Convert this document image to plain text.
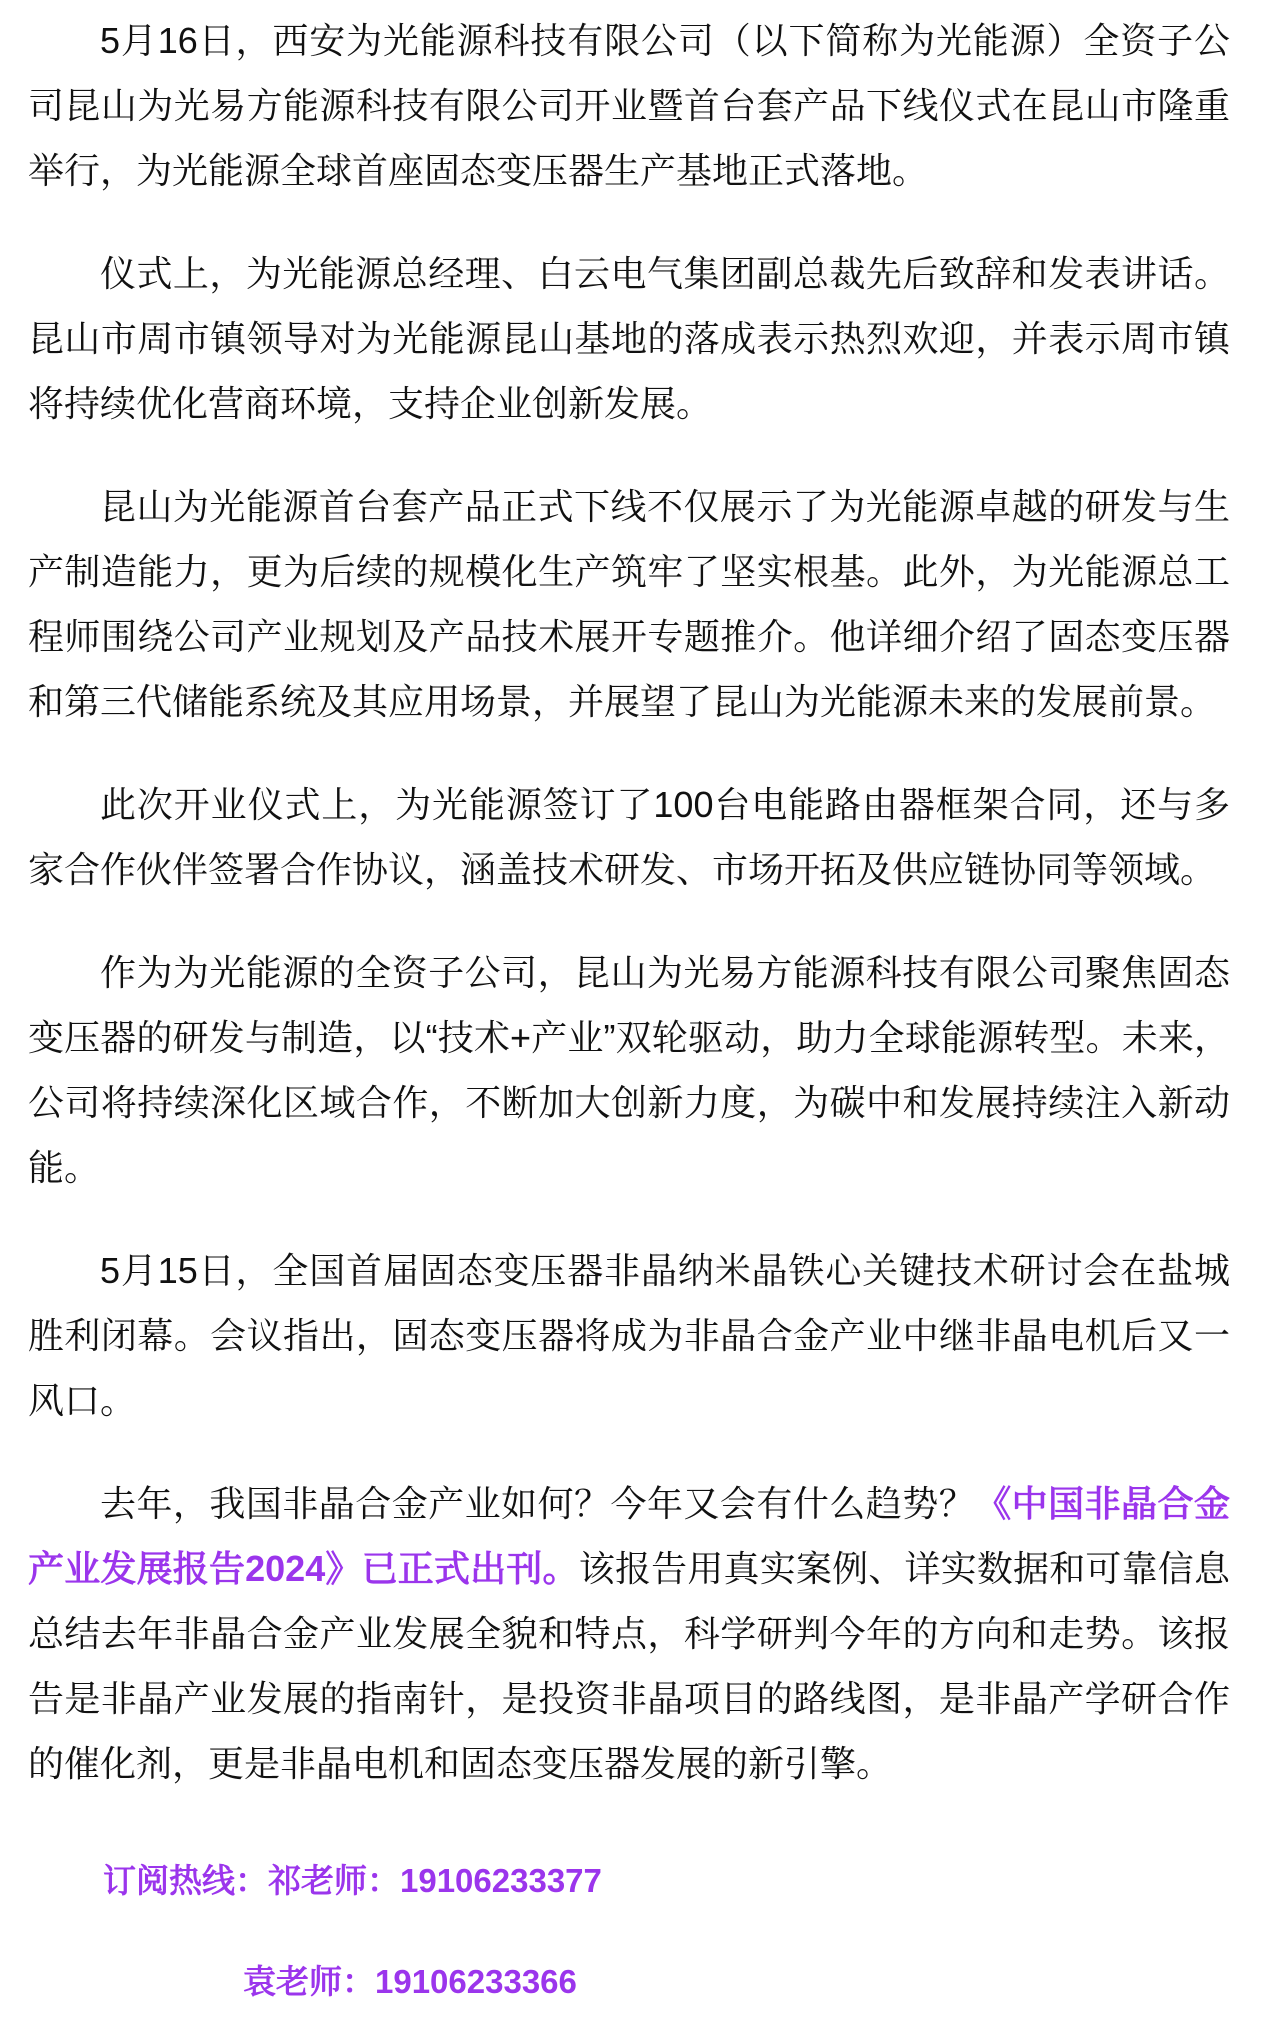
5月16日，西安为光能源科技有限公司（以下简称为光能源）全资子公司昆山为光易方能源科技有限公司开业暨首台套产品下线仪式在昆山市隆重举行，为光能源全球首座固态变压器生产基地正式落地。

仪式上，为光能源总经理、白云电气集团副总裁先后致辞和发表讲话。昆山市周市镇领导对为光能源昆山基地的落成表示热烈欢迎，并表示周市镇将持续优化营商环境，支持企业创新发展。

昆山为光能源首台套产品正式下线不仅展示了为光能源卓越的研发与生产制造能力，更为后续的规模化生产筑牢了坚实根基。此外，为光能源总工程师围绕公司产业规划及产品技术展开专题推介。他详细介绍了固态变压器和第三代储能系统及其应用场景，并展望了昆山为光能源未来的发展前景。

此次开业仪式上，为光能源签订了100台电能路由器框架合同，还与多家合作伙伴签署合作协议，涵盖技术研发、市场开拓及供应链协同等领域。

作为为光能源的全资子公司，昆山为光易方能源科技有限公司聚焦固态变压器的研发与制造，以“技术+产业”双轮驱动，助力全球能源转型。未来，公司将持续深化区域合作，不断加大创新力度，为碳中和发展持续注入新动能。

5月15日，全国首届固态变压器非晶纳米晶铁心关键技术研讨会在盐城胜利闭幕。会议指出，固态变压器将成为非晶合金产业中继非晶电机后又一风口。

去年，我国非晶合金产业如何？今年又会有什么趋势？《中国非晶合金产业发展报告2024》已正式出刊。该报告用真实案例、详实数据和可靠信息总结去年非晶合金产业发展全貌和特点，科学研判今年的方向和走势。该报告是非晶产业发展的指南针，是投资非晶项目的路线图，是非晶产学研合作的催化剂，更是非晶电机和固态变压器发展的新引擎。

订阅热线：祁老师：19106233377

袁老师：19106233366
